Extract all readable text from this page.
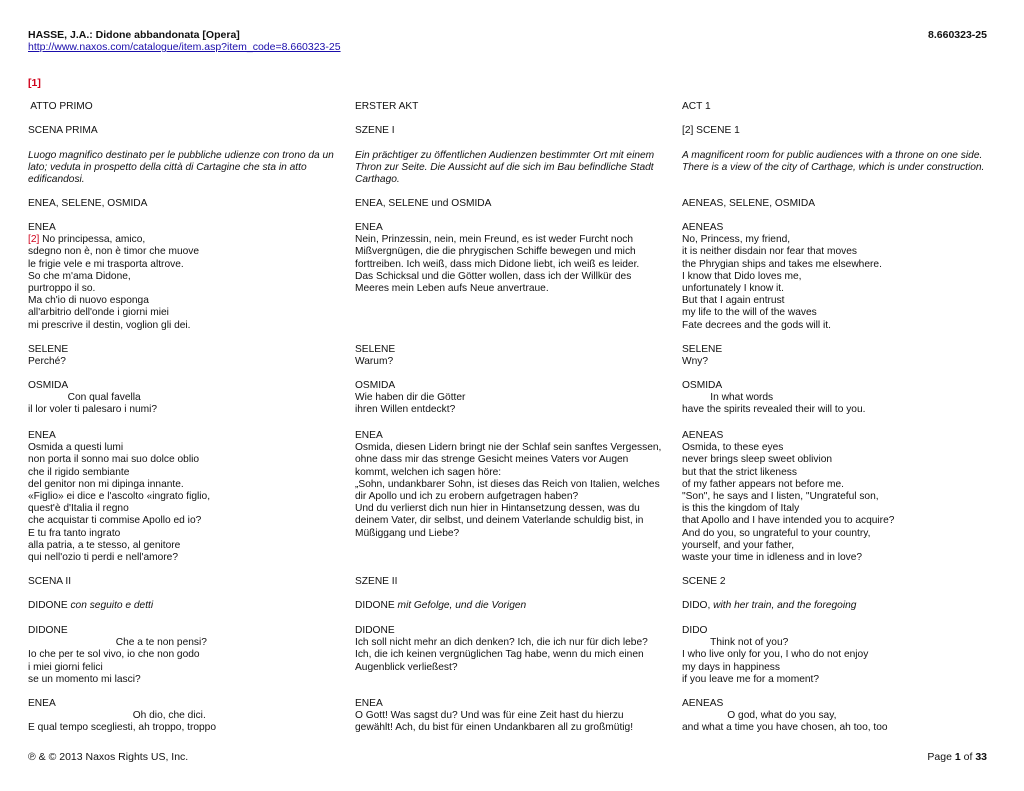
HASSE, J.A.: Didone abbandonata [Opera]	8.660323-25
http://www.naxos.com/catalogue/item.asp?item_code=8.660323-25
[1]
ATTO PRIMO
SCENA PRIMA
Luogo magnifico destinato per le pubbliche udienze con trono da un lato; veduta in prospetto della città di Cartagine che sta in atto edificandosi.
ENEA, SELENE, OSMIDA
ENEA
[2] No principessa, amico,
sdegno non è, non è timor che muove
le frigie vele e mi trasporta altrove.
So che m'ama Didone,
purtroppo il so.
Ma ch'io di nuovo esponga
all'arbitrio dell'onde i giorni miei
mi prescrive il destin, voglion gli dei.
SELENE
Perché?
OSMIDA
Con qual favella
il lor voler ti palesaro i numi?
ENEA
Osmida a questi lumi
non porta il sonno mai suo dolce oblio
che il rigido sembiante
del genitor non mi dipinga innante.
«Figlio» ei dice e l'ascolto «ingrato figlio,
quest'è d'Italia il regno
che acquistar ti commise Apollo ed io?
E tu fra tanto ingrato
alla patria, a te stesso, al genitore
qui nell'ozio ti perdi e nell'amore?
SCENA II
DIDONE con seguito e detti
DIDONE
Che a te non pensi?
Io che per te sol vivo, io che non godo
i miei giorni felici
se un momento mi lasci?
ENEA
Oh dio, che dici.
E qual tempo scegliesti, ah troppo, troppo
ERSTER AKT
SZENE I
Ein prächtiger zu öffentlichen Audienzen bestimmter Ort mit einem Thron zur Seite. Die Aussicht auf die sich im Bau befindliche Stadt Carthago.
ENEA, SELENE und OSMIDA
ENEA
Nein, Prinzessin, nein, mein Freund, es ist weder Furcht noch
Mißvergnügen, die die phrygischen Schiffe bewegen und mich
forttreiben. Ich weiß, dass mich Didone liebt, ich weiß es leider.
Das Schicksal und die Götter wollen, dass ich der Willkür des
Meeres mein Leben aufs Neue anvertraue.
SELENE
Warum?
OSMIDA
Wie haben dir die Götter
ihren Willen entdeckt?
ENEA
Osmida, diesen Lidern bringt nie der Schlaf sein sanftes Vergessen,
ohne dass mir das strenge Gesicht meines Vaters vor Augen
kommt, welchen ich sagen höre:
„Sohn, undankbarer Sohn, ist dieses das Reich von Italien, welches
dir Apollo und ich zu erobern aufgetragen haben?
Und du verlierst dich nun hier in Hintansetzung dessen, was du
deinem Vater, dir selbst, und deinem Vaterlande schuldig bist, in
Müßiggang und Liebe?
SZENE II
DIDONE mit Gefolge, und die Vorigen
DIDONE
Ich soll nicht mehr an dich denken? Ich, die ich nur für dich lebe?
Ich, die ich keinen vergnüglichen Tag habe, wenn du mich einen
Augenblick verließest?
ENEA
O Gott! Was sagst du? Und was für eine Zeit hast du hierzu
gewählt! Ach, du bist für einen Undankbaren all zu großmütig!
ACT 1
[2] SCENE 1
A magnificent room for public audiences with a throne on one side. There is a view of the city of Carthage, which is under construction.
AENEAS, SELENE, OSMIDA
AENEAS
No, Princess, my friend,
it is neither disdain nor fear that moves
the Phrygian ships and takes me elsewhere.
I know that Dido loves me,
unfortunately I know it.
But that I again entrust
my life to the will of the waves
Fate decrees and the gods will it.
SELENE
Wny?
OSMIDA
In what words
have the spirits revealed their will to you.
AENEAS
Osmida, to these eyes
never brings sleep sweet oblivion
but that the strict likeness
of my father appears not before me.
"Son", he says and I listen, "Ungrateful son,
is this the kingdom of Italy
that Apollo and I have intended you to acquire?
And do you, so ungrateful to your country,
yourself, and your father,
waste your time in idleness and in love?
SCENE 2
DIDO, with her train, and the foregoing
DIDO
Think not of you?
I who live only for you, I who do not enjoy
my days in happiness
if you leave me for a moment?
AENEAS
O god, what do you say,
and what a time you have chosen, ah too, too
℗ & © 2013 Naxos Rights US, Inc.	Page 1 of 33
